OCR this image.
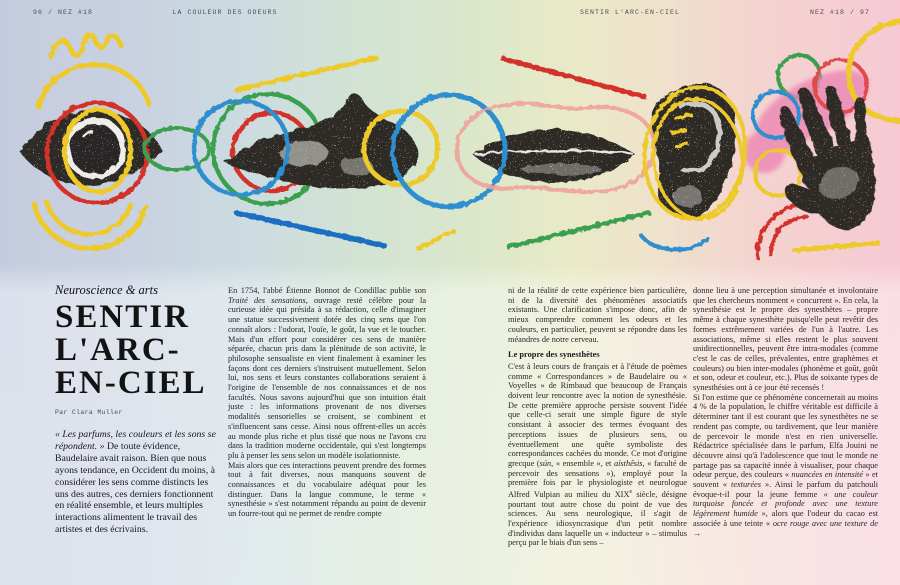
96 / NEZ #18	LA COULEUR DES ODEURS	SENTIR L'ARC-EN-CIEL	NEZ #18 / 97

Neuroscience & arts

SENTIR
L'ARC-
EN-CIEL
Par Clara Muller

« Les parfums, les couleurs et les sons se répondent. » De toute évidence, Baudelaire avait raison. Bien que nous ayons tendance, en Occident du moins, à considérer les sens comme distincts les uns des autres, ces derniers fonctionnent en réalité ensemble, et leurs multiples interactions alimentent le travail des artistes et des écrivains.

En 1754, l'abbé Étienne Bonnot de Condillac publie son Traité des sensations, ouvrage resté célèbre pour la curieuse idée qui présida à sa rédaction, celle d'imaginer une statue successivement dotée des cinq sens que l'on connaît alors : l'odorat, l'ouïe, le goût, la vue et le toucher. Mais d'un effort pour considérer ces sens de manière séparée, chacun pris dans la plénitude de son activité, le philosophe sensualiste en vient finalement à examiner les façons dont ces derniers s'instruisent mutuellement. Selon lui, nos sens et leurs constantes collaborations seraient à l'origine de l'ensemble de nos connaissances et de nos facultés. Nous savons aujourd'hui que son intuition était juste : les informations provenant de nos diverses modalités sensorielles se croisent, se combinent et s'influencent sans cesse. Ainsi nous offrent-elles un accès au monde plus riche et plus tissé que nous ne l'avons cru dans la tradition moderne occidentale, qui s'est longtemps plu à penser les sens selon un modèle isolationniste.

Mais alors que ces interactions peuvent prendre des formes tout à fait diverses, nous manquons souvent de connaissances et du vocabulaire adéquat pour les distinguer. Dans la langue commune, le terme « synesthésie » s'est notamment répandu au point de devenir un fourre-tout qui ne permet de rendre compte

ni de la réalité de cette expérience bien particulière, ni de la diversité des phénomènes associatifs existants. Une clarification s'impose donc, afin de mieux comprendre comment les odeurs et les couleurs, en particulier, peuvent se répondre dans les méandres de notre cerveau.

Le propre des synesthètes

C'est à leurs cours de français et à l'étude de poèmes comme « Correspondances » de Baudelaire ou « Voyelles » de Rimbaud que beaucoup de Français doivent leur rencontre avec la notion de synesthésie. De cette première approche persiste souvent l'idée que celle-ci serait une simple figure de style consistant à associer des termes évoquant des perceptions issues de plusieurs sens, ou éventuellement une quête symboliste des correspondances cachées du monde. Ce mot d'origine grecque (sún, « ensemble », et aísthêsis, « faculté de percevoir des sensations »), employé pour la première fois par le physiologiste et neurologue Alfred Vulpian au milieu du XIXe siècle, désigne pourtant tout autre chose du point de vue des sciences. Au sens neurologique, il s'agit de l'expérience idiosyncrasique d'un petit nombre d'individus dans laquelle un « inducteur » – stimulus perçu par le biais d'un sens –

donne lieu à une perception simultanée et involontaire que les chercheurs nomment « concurrent ». En cela, la synesthésie est le propre des synesthètes – propre même à chaque synesthète puisqu'elle peut revêtir des formes extrêmement variées de l'un à l'autre. Les associations, même si elles restent le plus souvent unidirectionnelles, peuvent être intra-modales (comme c'est le cas de celles, prévalentes, entre graphèmes et couleurs) ou bien inter-modales (phonème et goût, goût et son, odeur et couleur, etc.). Plus de soixante types de synesthésies ont à ce jour été recensés !

Si l'on estime que ce phénomène concernerait au moins 4 % de la population, le chiffre véritable est difficile à déterminer tant il est courant que les synesthètes ne se rendent pas compte, ou tardivement, que leur manière de percevoir le monde n'est en rien universelle. Rédactrice spécialisée dans le parfum, Elfa Jouini ne découvre ainsi qu'à l'adolescence que tout le monde ne partage pas sa capacité innée à visualiser, pour chaque odeur perçue, des couleurs « nuancées en intensité » et souvent « texturées ». Ainsi le parfum du patchouli évoque-t-il pour la jeune femme « une couleur turquoise foncée et profonde avec une texture légèrement humide », alors que l'odeur du cacao est associée à une teinte « ocre rouge avec une texture de →
